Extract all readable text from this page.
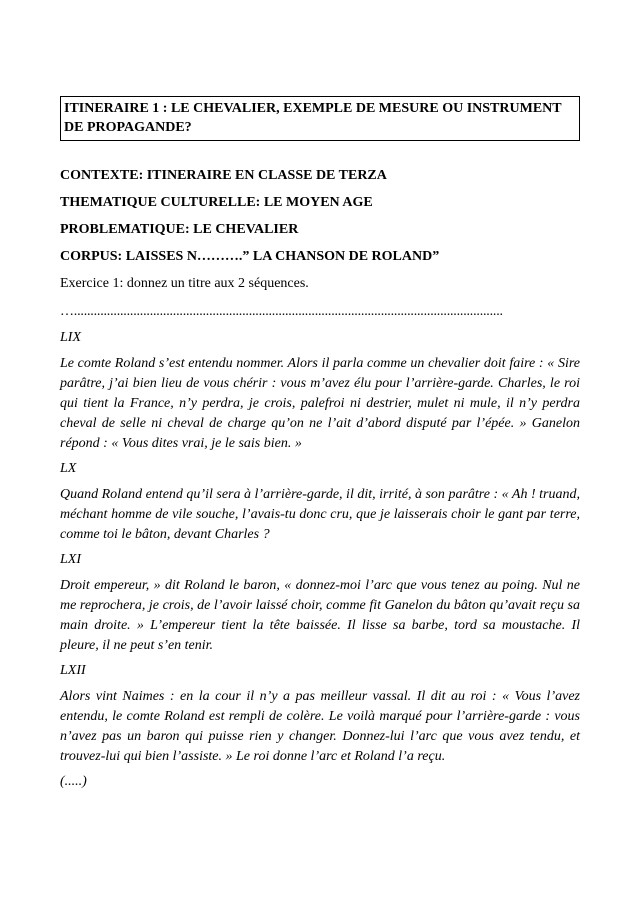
ITINERAIRE 1 : LE CHEVALIER, EXEMPLE DE MESURE OU INSTRUMENT DE PROPAGANDE?
CONTEXTE: ITINERAIRE EN CLASSE DE TERZA
THEMATIQUE CULTURELLE: LE MOYEN AGE
PROBLEMATIQUE: LE CHEVALIER
CORPUS: LAISSES N……….” LA CHANSON DE ROLAND”
Exercice 1: donnez un titre aux 2 séquences.
…..................................................................................................................................
LIX
Le comte Roland s’est entendu nommer. Alors il parla comme un chevalier doit faire : « Sire parâtre, j’ai bien lieu de vous chérir : vous m’avez élu pour l’arrière-garde. Charles, le roi qui tient la France, n’y perdra, je crois, palefroi ni destrier, mulet ni mule, il n’y perdra cheval de selle ni cheval de charge qu’on ne l’ait d’abord disputé par l’épée. » Ganelon répond : « Vous dites vrai, je le sais bien. »
LX
Quand Roland entend qu’il sera à l’arrière-garde, il dit, irrité, à son parâtre : « Ah ! truand, méchant homme de vile souche, l’avais-tu donc cru, que je laisserais choir le gant par terre, comme toi le bâton, devant Charles ?
LXI
Droit empereur, » dit Roland le baron, « donnez-moi l’arc que vous tenez au poing. Nul ne me reprochera, je crois, de l’avoir laissé choir, comme fit Ganelon du bâton qu’avait reçu sa main droite. » L’empereur tient la tête baissée. Il lisse sa barbe, tord sa moustache. Il pleure, il ne peut s’en tenir.
LXII
Alors vint Naimes : en la cour il n’y a pas meilleur vassal. Il dit au roi : « Vous l’avez entendu, le comte Roland est rempli de colère. Le voilà marqué pour l’arrière-garde : vous n’avez pas un baron qui puisse rien y changer. Donnez-lui l’arc que vous avez tendu, et trouvez-lui qui bien l’assiste. » Le roi donne l’arc et Roland l’a reçu.
(.....)
